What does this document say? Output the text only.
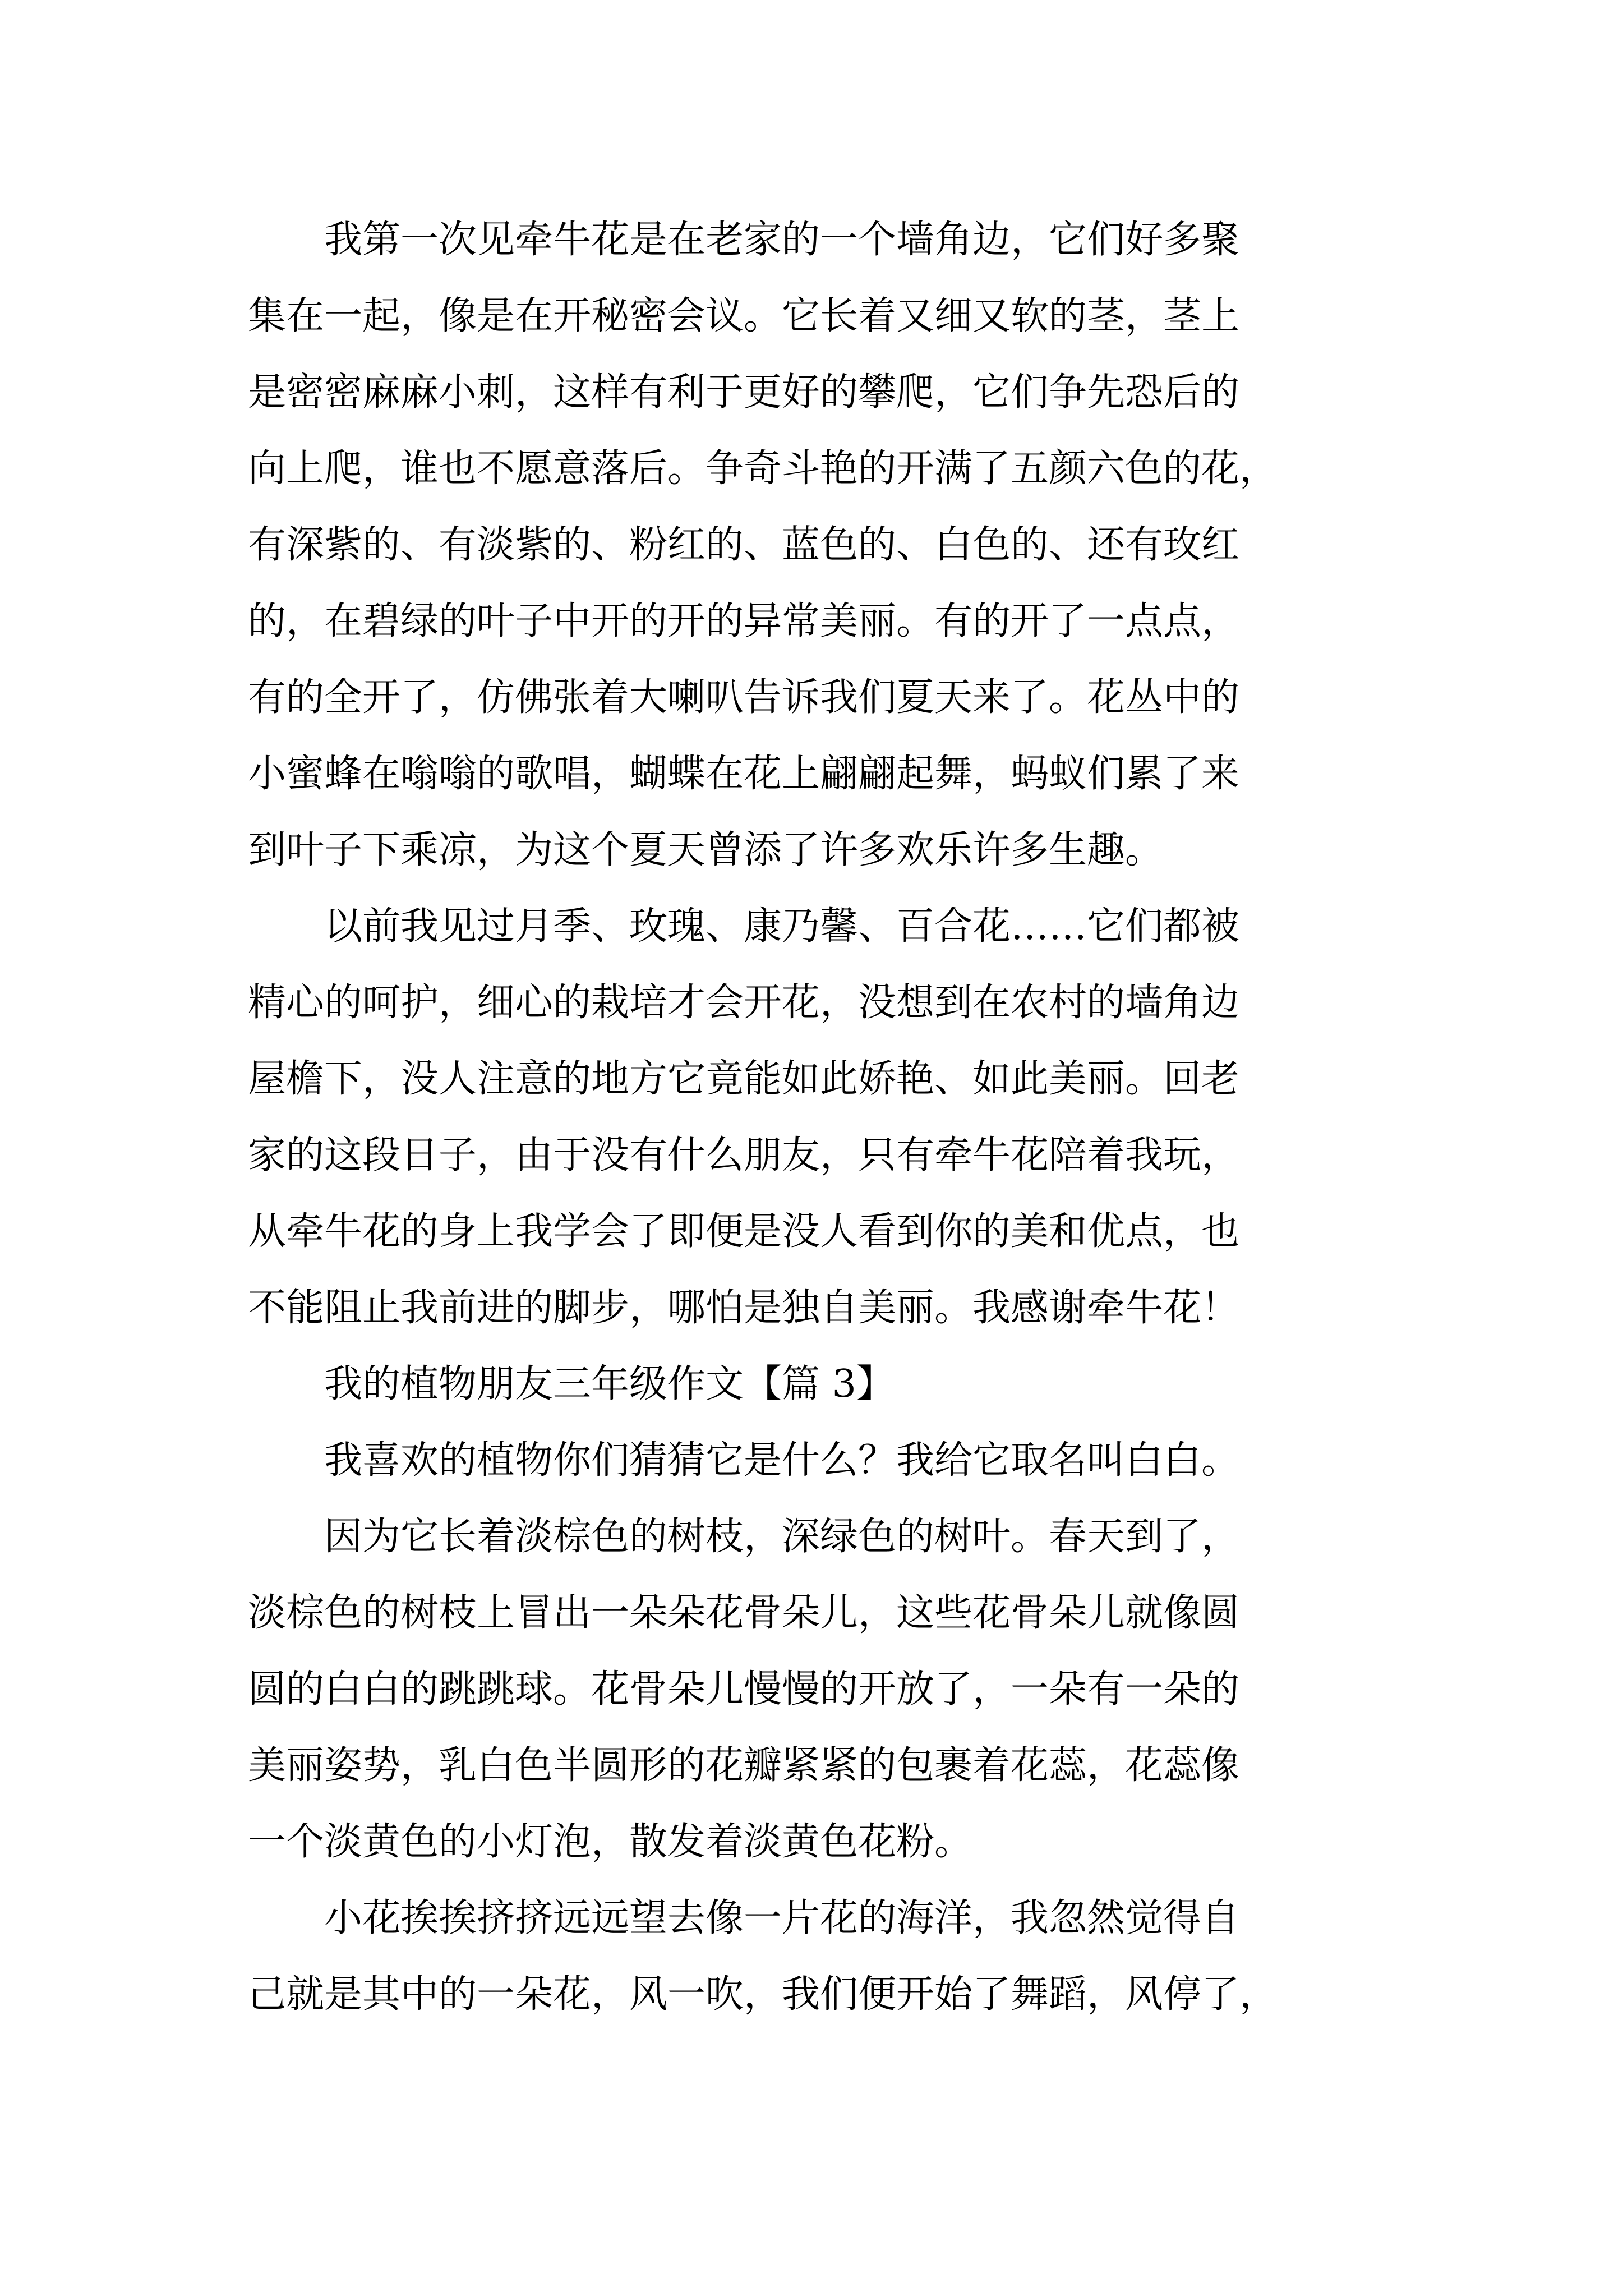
我第一次见牵牛花是在老家的一个墙角边，它们好多聚
集在一起，像是在开秘密会议。它长着又细又软的茎，茎上
是密密麻麻小刺，这样有利于更好的攀爬，它们争先恐后的
向上爬，谁也不愿意落后。争奇斗艳的开满了五颜六色的花，
有深紫的、有淡紫的、粉红的、蓝色的、白色的、还有玫红
的，在碧绿的叶子中开的开的异常美丽。有的开了一点点，
有的全开了，仿佛张着大喇叭告诉我们夏天来了。花丛中的
小蜜蜂在嗡嗡的歌唱，蝴蝶在花上翩翩起舞，蚂蚁们累了来
到叶子下乘凉，为这个夏天曾添了许多欢乐许多生趣。
以前我见过月季、玫瑰、康乃馨、百合花……它们都被
精心的呵护，细心的栽培才会开花，没想到在农村的墙角边
屋檐下，没人注意的地方它竟能如此娇艳、如此美丽。回老
家的这段日子，由于没有什么朋友，只有牵牛花陪着我玩，
从牵牛花的身上我学会了即便是没人看到你的美和优点，也
不能阻止我前进的脚步，哪怕是独自美丽。我感谢牵牛花！
我的植物朋友三年级作文【篇 3】
我喜欢的植物你们猜猜它是什么？我给它取名叫白白。
因为它长着淡棕色的树枝，深绿色的树叶。春天到了，
淡棕色的树枝上冒出一朵朵花骨朵儿，这些花骨朵儿就像圆
圆的白白的跳跳球。花骨朵儿慢慢的开放了，一朵有一朵的
美丽姿势，乳白色半圆形的花瓣紧紧的包裹着花蕊，花蕊像
一个淡黄色的小灯泡，散发着淡黄色花粉。
小花挨挨挤挤远远望去像一片花的海洋，我忽然觉得自
己就是其中的一朵花，风一吹，我们便开始了舞蹈，风停了，
